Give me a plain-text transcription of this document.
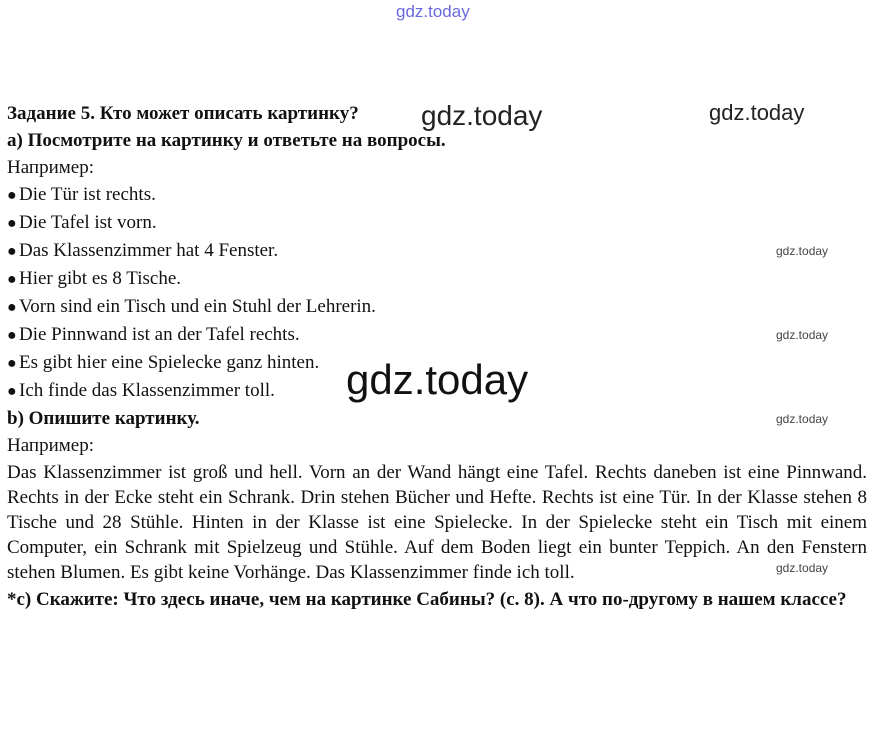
Задание 5. Кто может описать картинку?
а) Посмотрите на картинку и ответьте на вопросы.
Например:
● Die Tür ist rechts.
● Die Tafel ist vorn.
● Das Klassenzimmer hat 4 Fenster.
● Hier gibt es 8 Tische.
● Vorn sind ein Tisch und ein Stuhl der Lehrerin.
● Die Pinnwand ist an der Tafel rechts.
● Es gibt hier eine Spielecke ganz hinten.
● Ich finde das Klassenzimmer toll.
b) Опишите картинку.
Например:
Das Klassenzimmer ist groß und hell. Vorn an der Wand hängt eine Tafel. Rechts daneben ist eine Pinnwand. Rechts in der Ecke steht ein Schrank. Drin stehen Bücher und Hefte. Rechts ist eine Tür. In der Klasse stehen 8 Tische und 28 Stühle. Hinten in der Klasse ist eine Spielecke. In der Spielecke steht ein Tisch mit einem Computer, ein Schrank mit Spielzeug und Stühle. Auf dem Boden liegt ein bunter Teppich. An den Fenstern stehen Blumen. Es gibt keine Vorhänge. Das Klassenzimmer finde ich toll.
*с) Скажите: Что здесь иначе, чем на картинке Сабины? (с. 8). А что по-другому в нашем классе?
gdz.today
gdz.today	gdz.today
gdz.today
gdz.today
gdz.today
gdz.today
gdz.today
